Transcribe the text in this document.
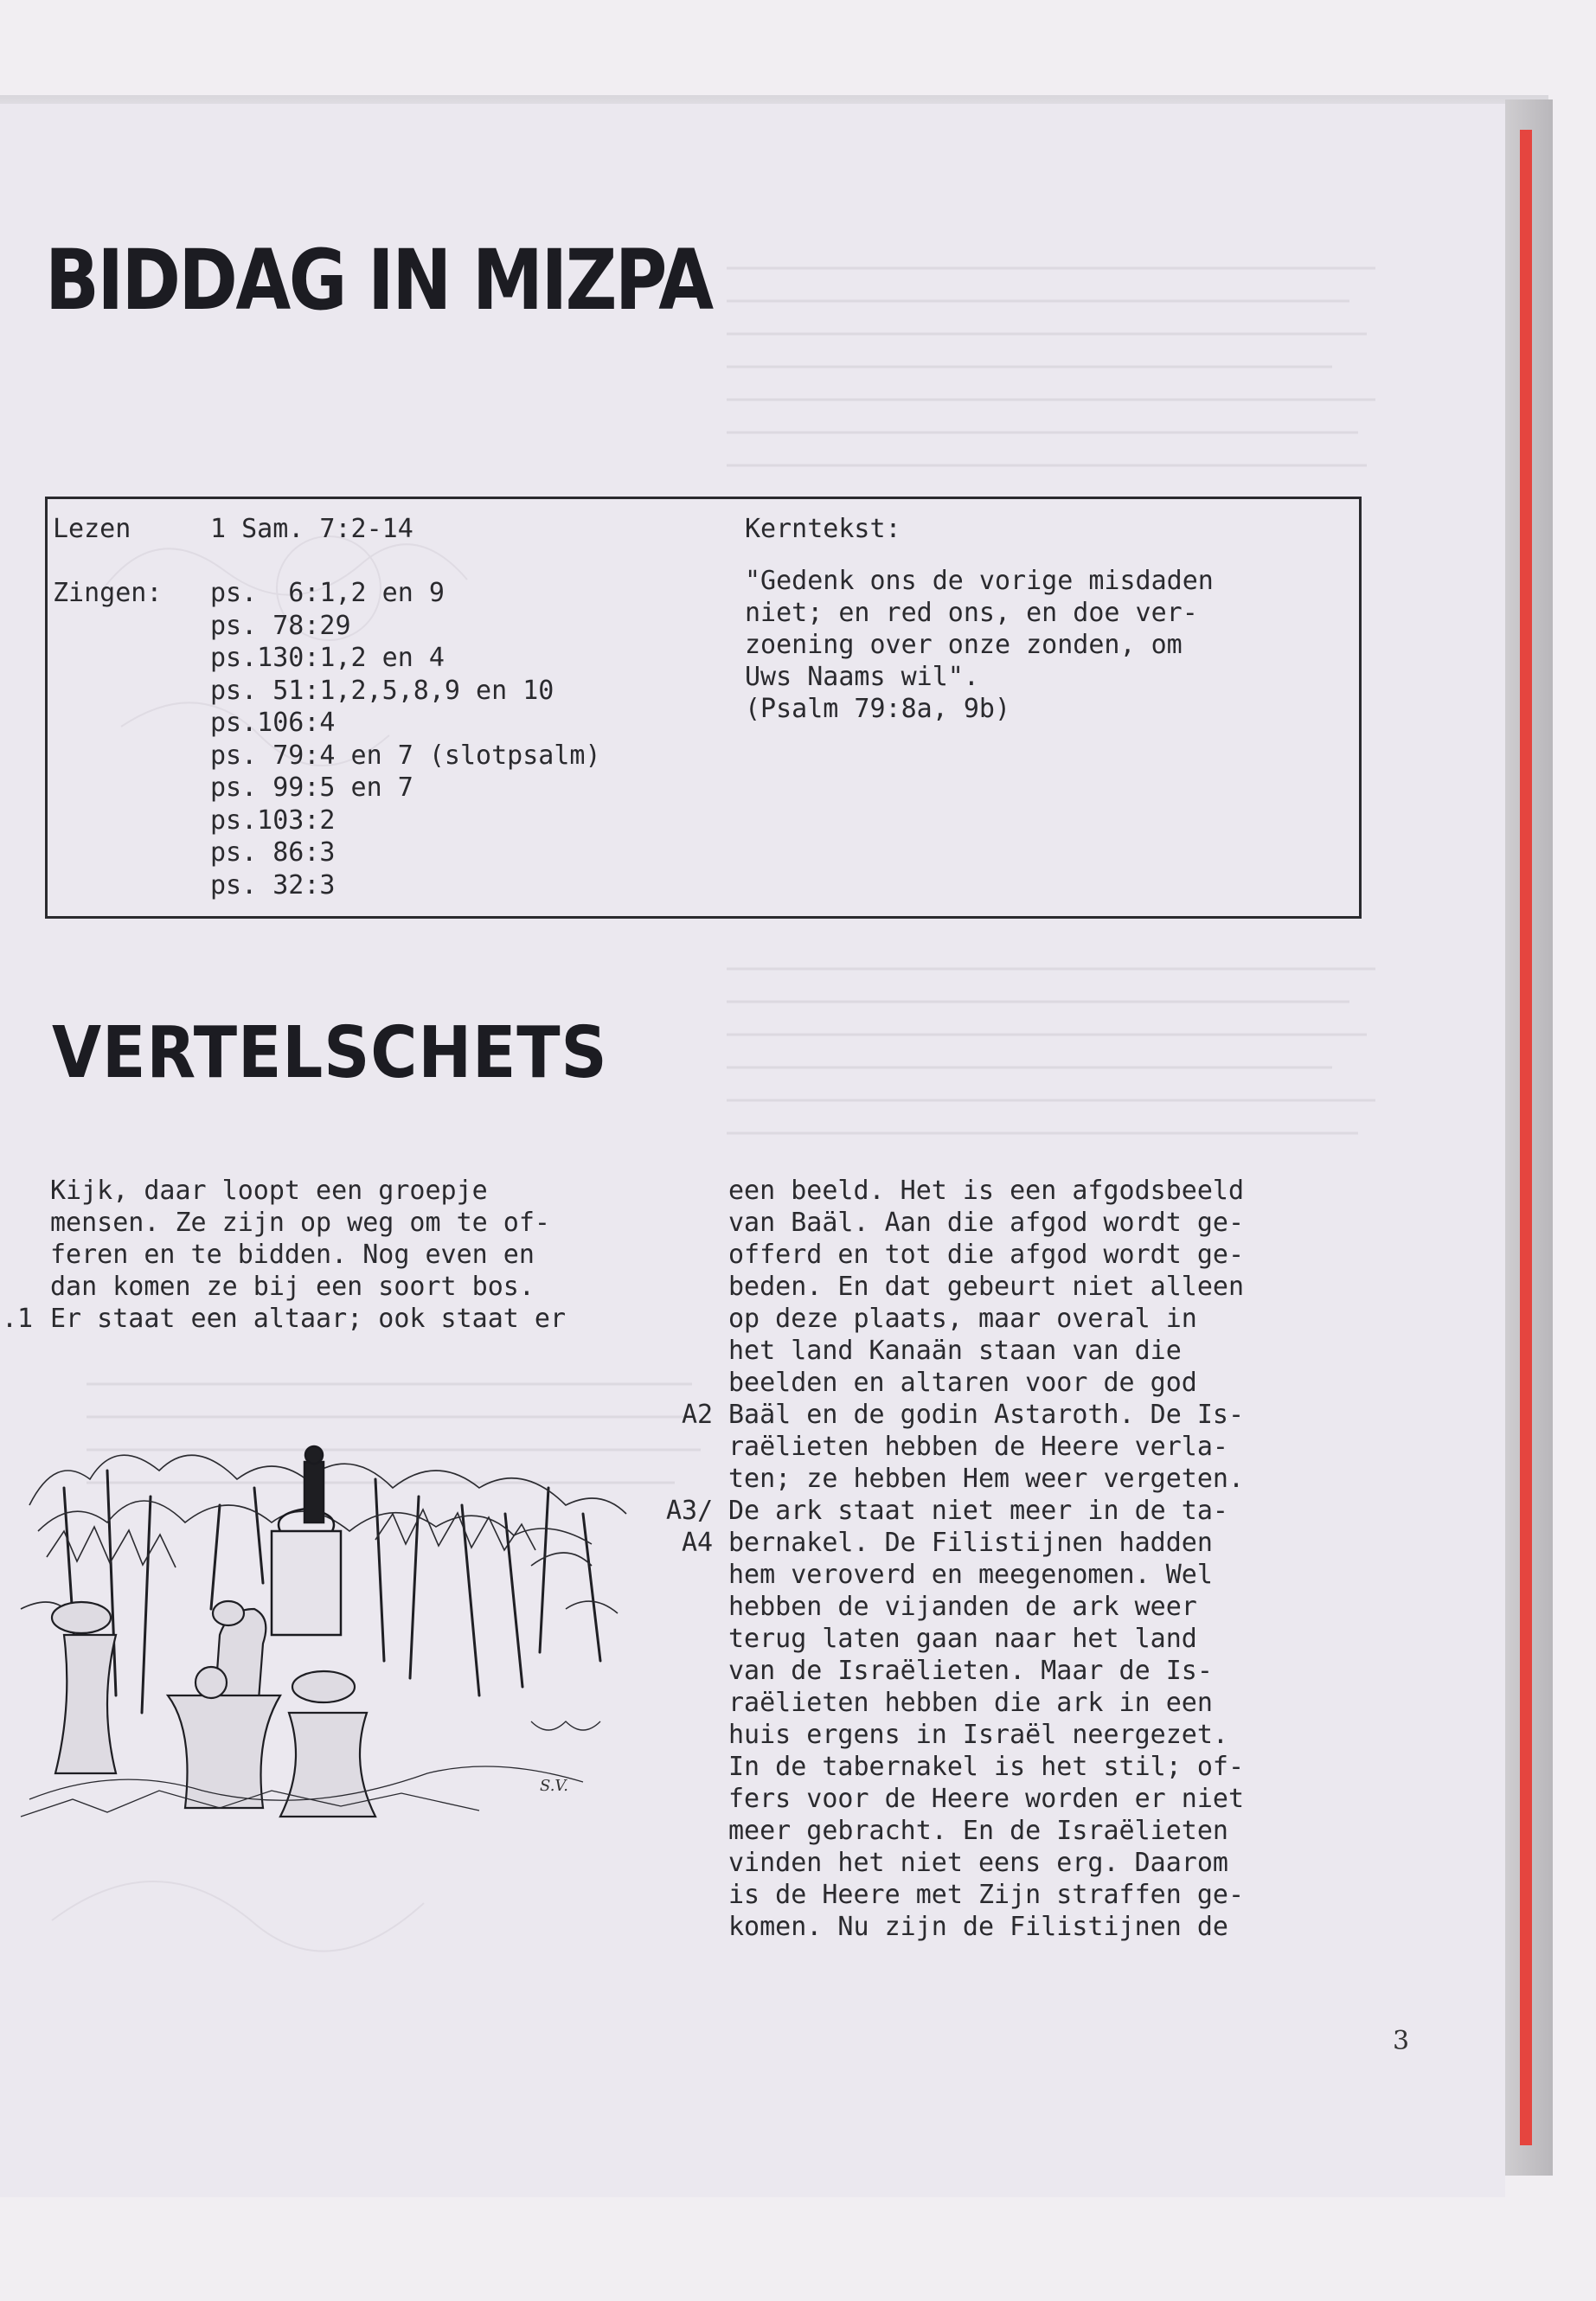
BIDDAG IN MIZPA
Lezen	1 Sam. 7:2-14
Zingen: ps.  6:1,2 en 9
ps. 78:29
ps.130:1,2 en 4
ps. 51:1,2,5,8,9 en 10
ps.106:4
ps. 79:4 en 7 (slotpsalm)
ps. 99:5 en 7
ps.103:2
ps. 86:3
ps. 32:3
Kerntekst:
"Gedenk ons de vorige misdaden
niet; en red ons, en doe ver-
zoening over onze zonden, om
Uws Naams wil".
(Psalm 79:8a, 9b)
VERTELSCHETS
Kijk, daar loopt een groepje
mensen. Ze zijn op weg om te of-
feren en te bidden. Nog even en
dan komen ze bij een soort bos.
Er staat een altaar; ook staat er
.1
A2
A3/
A4
een beeld. Het is een afgodsbeeld
van Baäl. Aan die afgod wordt ge-
offerd en tot die afgod wordt ge-
beden. En dat gebeurt niet alleen
op deze plaats, maar overal in
het land Kanaän staan van die
beelden en altaren voor de god
Baäl en de godin Astaroth. De Is-
raëlieten hebben de Heere verla-
ten; ze hebben Hem weer vergeten.
De ark staat niet meer in de ta-
bernakel. De Filistijnen hadden
hem veroverd en meegenomen. Wel
hebben de vijanden de ark weer
terug laten gaan naar het land
van de Israëlieten. Maar de Is-
raëlieten hebben die ark in een
huis ergens in Israël neergezet.
In de tabernakel is het stil; of-
fers voor de Heere worden er niet
meer gebracht. En de Israëlieten
vinden het niet eens erg. Daarom
is de Heere met Zijn straffen ge-
komen. Nu zijn de Filistijnen de
S.V.
3
